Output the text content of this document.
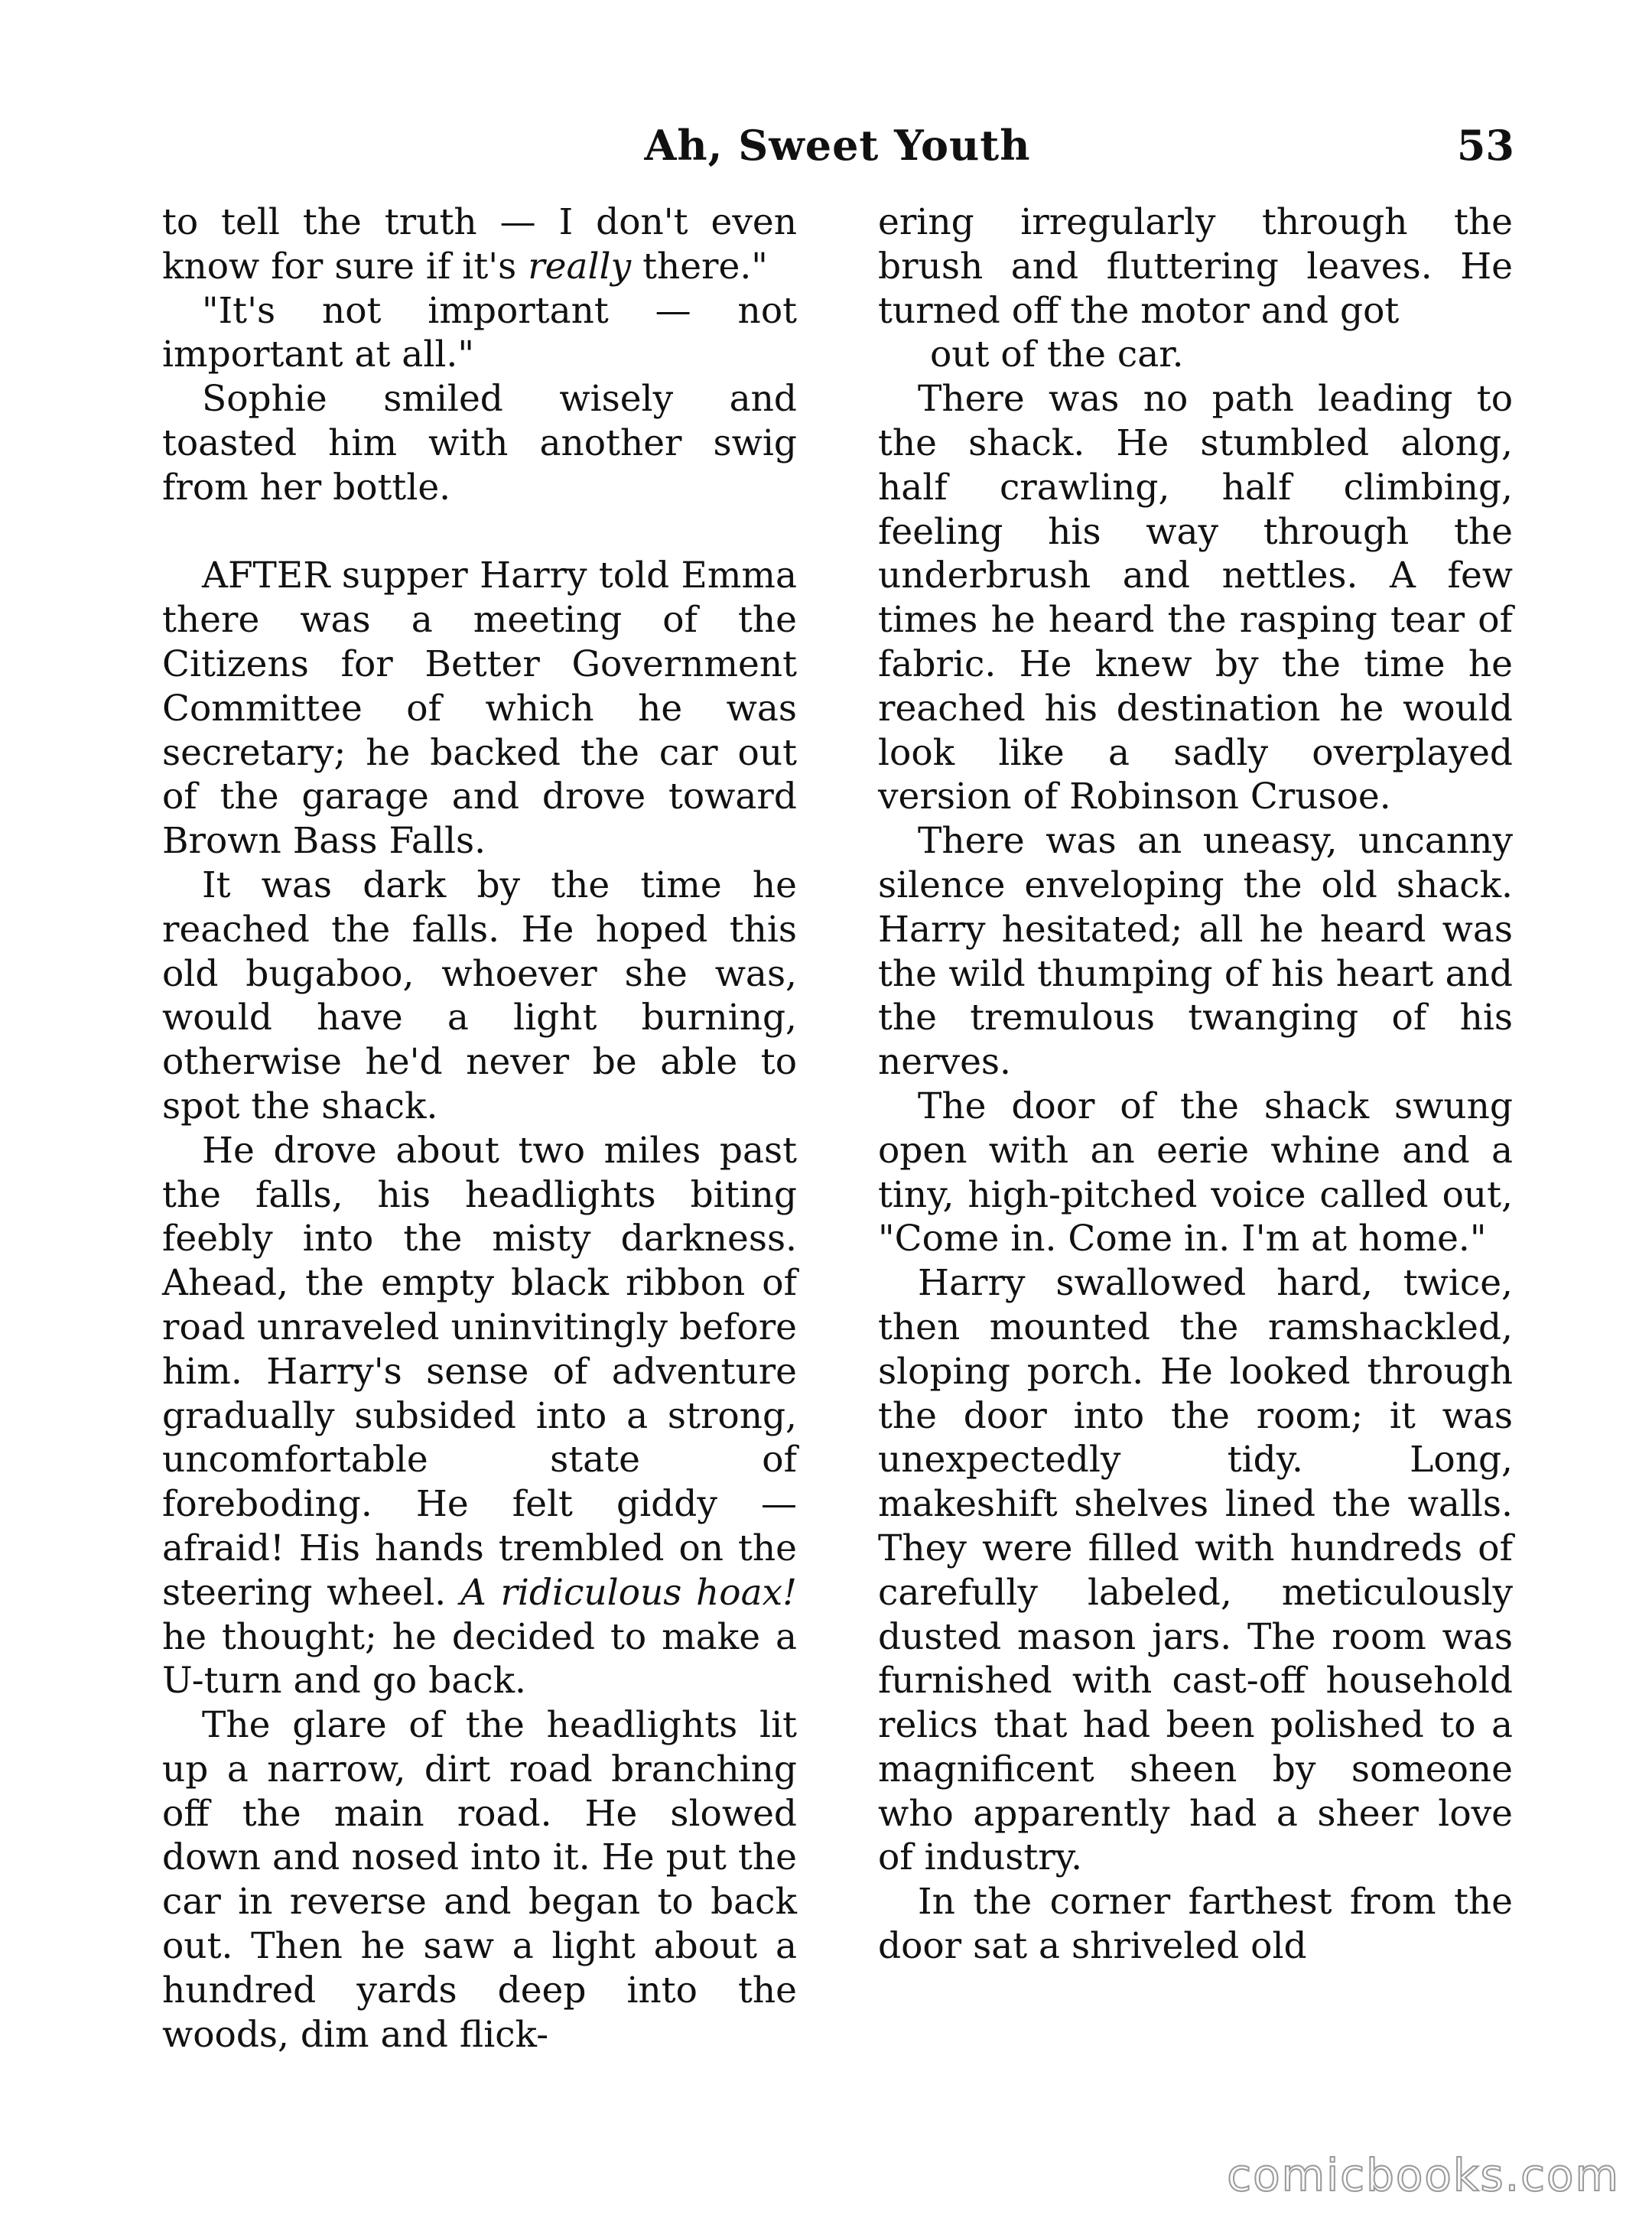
Ah, Sweet Youth	53

to tell the truth — I don't even know for sure if it's really there."

"It's not important — not important at all."

Sophie smiled wisely and toasted him with another swig from her bottle.

AFTER supper Harry told Emma there was a meeting of the Citizens for Better Government Committee of which he was secretary; he backed the car out of the garage and drove toward Brown Bass Falls.

It was dark by the time he reached the falls. He hoped this old bugaboo, whoever she was, would have a light burning, otherwise he'd never be able to spot the shack.

He drove about two miles past the falls, his headlights biting feebly into the misty darkness. Ahead, the empty black ribbon of road unraveled uninvitingly before him. Harry's sense of adventure gradually subsided into a strong, uncomfortable state of foreboding. He felt giddy — afraid! His hands trembled on the steering wheel. A ridiculous hoax! he thought; he decided to make a U-turn and go back.

The glare of the headlights lit up a narrow, dirt road branching off the main road. He slowed down and nosed into it. He put the car in reverse and began to back out. Then he saw a light about a hundred yards deep into the woods, dim and flick-

ering irregularly through the brush and fluttering leaves. He turned off the motor and got

out of the car.

There was no path leading to the shack. He stumbled along, half crawling, half climbing, feeling his way through the underbrush and nettles. A few times he heard the rasping tear of fabric. He knew by the time he reached his destination he would look like a sadly overplayed version of Robinson Crusoe.

There was an uneasy, uncanny silence enveloping the old shack. Harry hesitated; all he heard was the wild thumping of his heart and the tremulous twanging of his nerves.

The door of the shack swung open with an eerie whine and a tiny, high-pitched voice called out, "Come in. Come in. I'm at home."

Harry swallowed hard, twice, then mounted the ramshackled, sloping porch. He looked through the door into the room; it was unexpectedly tidy. Long, makeshift shelves lined the walls. They were filled with hundreds of carefully labeled, meticulously dusted mason jars. The room was furnished with cast-off household relics that had been polished to a magnificent sheen by someone who apparently had a sheer love of industry.

In the corner farthest from the door sat a shriveled old

comicbooks.com
